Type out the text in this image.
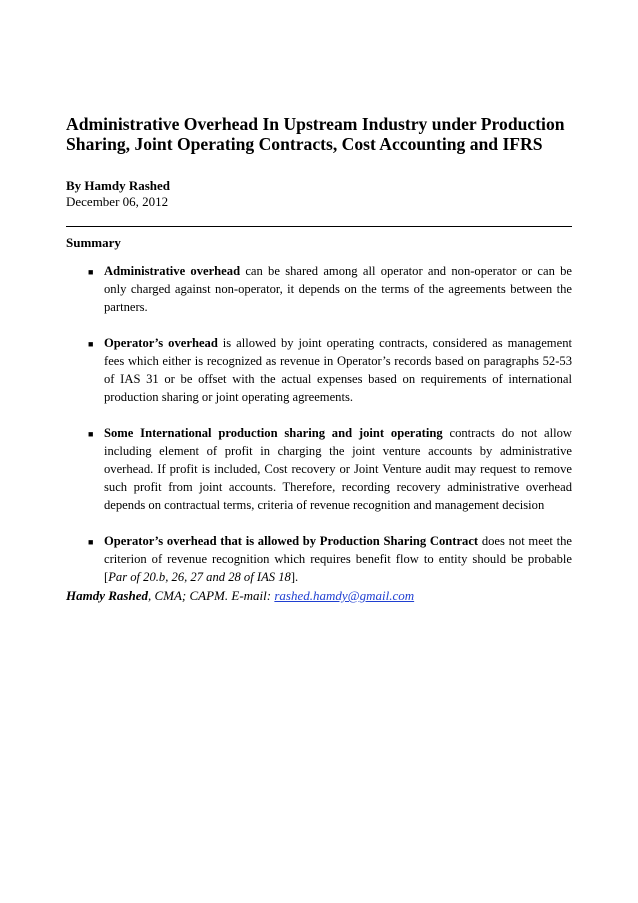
Administrative Overhead In Upstream Industry under Production Sharing, Joint Operating Contracts, Cost Accounting and IFRS
By Hamdy Rashed
December 06, 2012
Summary
■ Administrative overhead can be shared among all operator and non-operator or can be only charged against non-operator, it depends on the terms of the agreements between the partners.
■ Operator’s overhead is allowed by joint operating contracts, considered as management fees which either is recognized as revenue in Operator’s records based on paragraphs 52-53 of IAS 31 or be offset with the actual expenses based on requirements of international production sharing or joint operating agreements.
■ Some International production sharing and joint operating contracts do not allow including element of profit in charging the joint venture accounts by administrative overhead. If profit is included, Cost recovery or Joint Venture audit may request to remove such profit from joint accounts. Therefore, recording recovery administrative overhead depends on contractual terms, criteria of revenue recognition and management decision
■ Operator’s overhead that is allowed by Production Sharing Contract does not meet the criterion of revenue recognition which requires benefit flow to entity should be probable [Par of 20.b, 26, 27 and 28 of IAS 18].
Hamdy Rashed, CMA; CAPM. E-mail: rashed.hamdy@gmail.com
